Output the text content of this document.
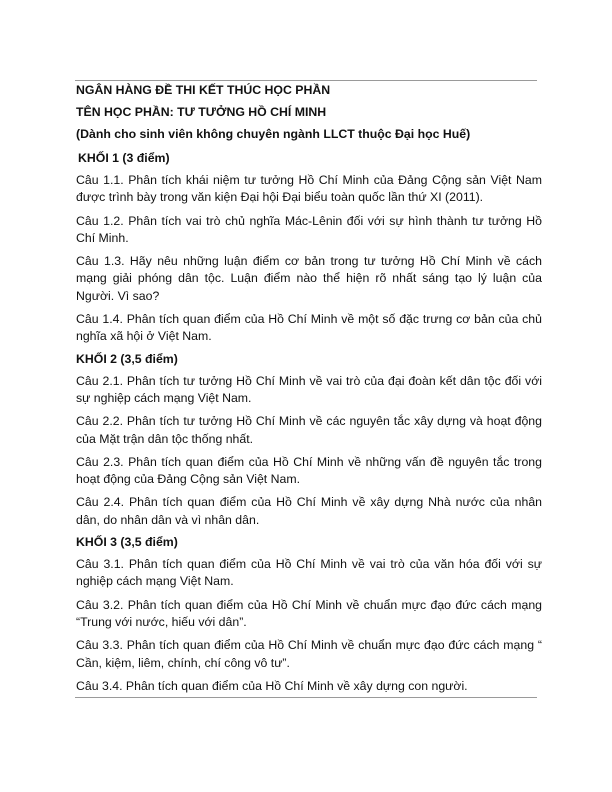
NGÂN HÀNG ĐỀ THI KẾT THÚC HỌC PHẦN

TÊN HỌC PHẦN: TƯ TƯỞNG HỒ CHÍ MINH

(Dành cho sinh viên không chuyên ngành LLCT thuộc Đại học Huế)

KHỐI 1 (3 điểm)

Câu 1.1. Phân tích khái niệm tư tưởng Hồ Chí Minh của Đảng Cộng sản Việt Nam được trình bày trong văn kiện Đại hội Đại biểu toàn quốc lần thứ XI (2011).

Câu 1.2. Phân tích vai trò chủ nghĩa Mác-Lênin đối với sự hình thành tư tưởng Hồ Chí Minh.

Câu 1.3. Hãy nêu những luận điểm cơ bản trong tư tưởng Hồ Chí Minh về cách mạng giải phóng dân tộc. Luận điểm nào thể hiện rõ nhất sáng tạo lý luận của Người. Vì sao?

Câu 1.4. Phân tích quan điểm của Hồ Chí Minh về một số đặc trưng cơ bản của chủ nghĩa xã hội ở Việt Nam.

KHỐI 2 (3,5 điểm)

Câu 2.1. Phân tích tư tưởng Hồ Chí Minh về vai trò của đại đoàn kết dân tộc đối với sự nghiệp cách mạng Việt Nam.

Câu 2.2. Phân tích tư tưởng Hồ Chí Minh về các nguyên tắc xây dựng và hoạt động của Mặt trận dân tộc thống nhất.

Câu 2.3. Phân tích quan điểm của Hồ Chí Minh về những vấn đề nguyên tắc trong hoạt động của Đảng Cộng sản Việt Nam.

Câu 2.4. Phân tích quan điểm của Hồ Chí Minh về xây dựng Nhà nước của nhân dân, do nhân dân và vì nhân dân.

KHỐI 3 (3,5 điểm)

Câu 3.1. Phân tích quan điểm của Hồ Chí Minh về vai trò của văn hóa đối với sự nghiệp cách mạng Việt Nam.

Câu 3.2. Phân tích quan điểm của Hồ Chí Minh về chuẩn mực đạo đức cách mạng “Trung với nước, hiếu với dân”.

Câu 3.3. Phân tích quan điểm của Hồ Chí Minh về chuẩn mực đạo đức cách mạng “ Cần, kiệm, liêm, chính, chí công vô tư”.

Câu 3.4. Phân tích quan điểm của Hồ Chí Minh về xây dựng con người.
